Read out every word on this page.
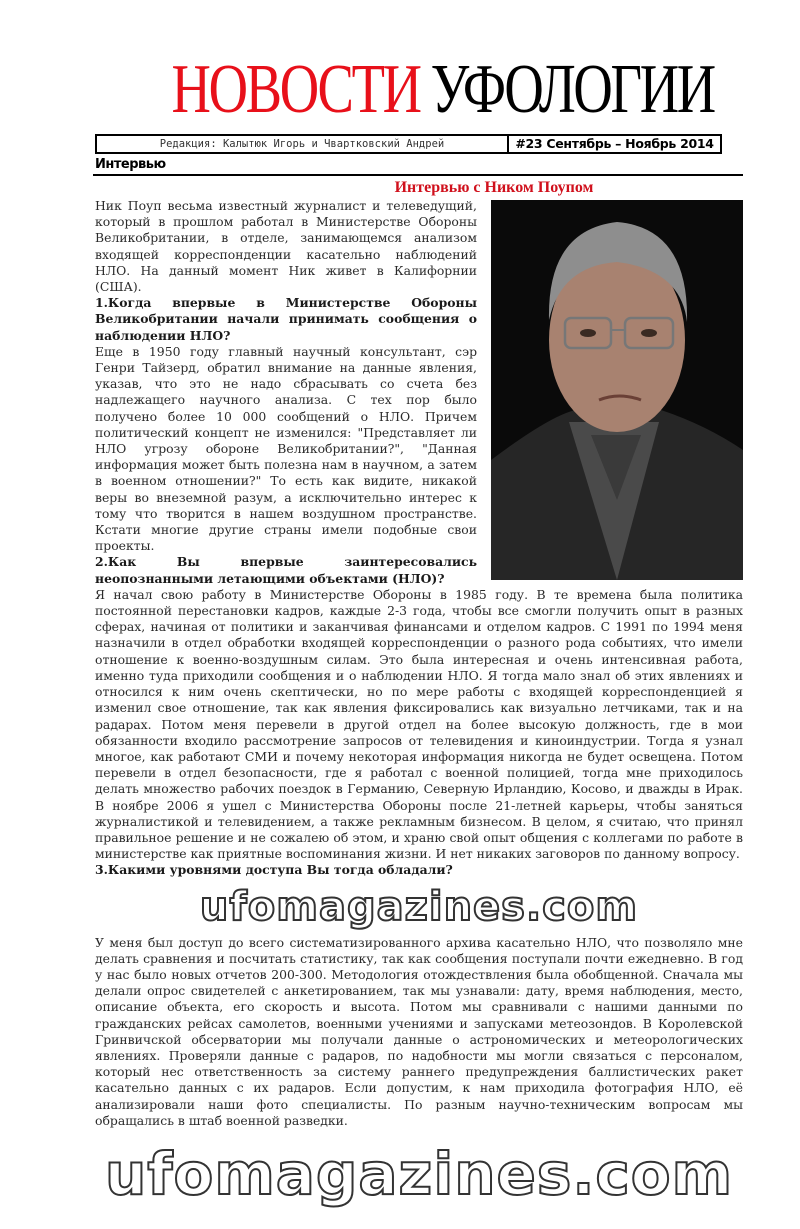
НОВОСТИ УФОЛОГИИ
Редакция: Калытюк Игорь и Чвартковский Андрей	#23 Сентябрь – Ноябрь 2014
Интервью
Интервью с Ником Поупом

Ник Поуп весьма известный журналист и телеведущий, который в прошлом работал в Министерстве Обороны Великобритании, в отделе, занимающемся анализом входящей корреспонденции касательно наблюдений НЛО. На данный момент Ник живет в Калифорнии (США).

1.Когда впервые в Министерстве Обороны Великобритании начали принимать сообщения о наблюдении НЛО?

Еще в 1950 году главный научный консультант, сэр Генри Тайзерд, обратил внимание на данные явления, указав, что это не надо сбрасывать со счета без надлежащего научного анализа. С тех пор было получено более 10 000 сообщений о НЛО. Причем политический концепт не изменился: "Представляет ли НЛО угрозу обороне Великобритании?", "Данная информация может быть полезна нам в научном, а затем в военном отношении?" То есть как видите, никакой веры во внеземной разум, а исключительно интерес к тому что творится в нашем воздушном пространстве. Кстати многие другие страны имели подобные свои проекты.

2.Как Вы впервые заинтересовались неопознанными летающими объектами (НЛО)?

Я начал свою работу в Министерстве Обороны в 1985 году. В те времена была политика постоянной перестановки кадров, каждые 2-3 года, чтобы все смогли получить опыт в разных сферах, начиная от политики и заканчивая финансами и отделом кадров. С 1991 по 1994 меня назначили в отдел обработки входящей корреспонденции о разного рода событиях, что имели отношение к военно-воздушным силам. Это была интересная и очень интенсивная работа, именно туда приходили сообщения и о наблюдении НЛО. Я тогда мало знал об этих явлениях и относился к ним очень скептически, но по мере работы с входящей корреспонденцией я изменил свое отношение, так как явления фиксировались как визуально летчиками, так и на радарах. Потом меня перевели в другой отдел на более высокую должность, где в мои обязанности входило рассмотрение запросов от телевидения и киноиндустрии. Тогда я узнал многое, как работают СМИ и почему некоторая информация никогда не будет освещена. Потом перевели в отдел безопасности, где я работал с военной полицией, тогда мне приходилось делать множество рабочих поездок в Германию, Северную Ирландию, Косово, и дважды в Ирак. В ноябре 2006 я ушел с Министерства Обороны после 21-летней карьеры, чтобы заняться журналистикой и телевидением, а также рекламным бизнесом. В целом, я считаю, что принял правильное решение и не сожалею об этом, и храню свой опыт общения с коллегами по работе в министерстве как приятные воспоминания жизни. И нет никаких заговоров по данному вопросу.

3.Какими уровнями доступа Вы тогда обладали?

ufomagazines.com

У меня был доступ до всего систематизированного архива касательно НЛО, что позволяло мне делать сравнения и посчитать статистику, так как сообщения поступали почти ежедневно. В год у нас было новых отчетов 200-300. Методология отождествления была обобщенной. Сначала мы делали опрос свидетелей с анкетированием, так мы узнавали: дату, время наблюдения, место, описание объекта, его скорость и высота. Потом мы сравнивали с нашими данными по гражданских рейсах самолетов, военными учениями и запусками метеозондов. В Королевской Гринвичской обсерватории мы получали данные о астрономических и метеорологических явлениях. Проверяли данные с радаров, по надобности мы могли связаться с персоналом, который нес ответственность за систему раннего предупреждения баллистических ракет касательно данных с их радаров. Если допустим, к нам приходила фотография НЛО, её анализировали наши фото специалисты. По разным научно-техническим вопросам мы обращались в штаб военной разведки.

ufomagazines.com
